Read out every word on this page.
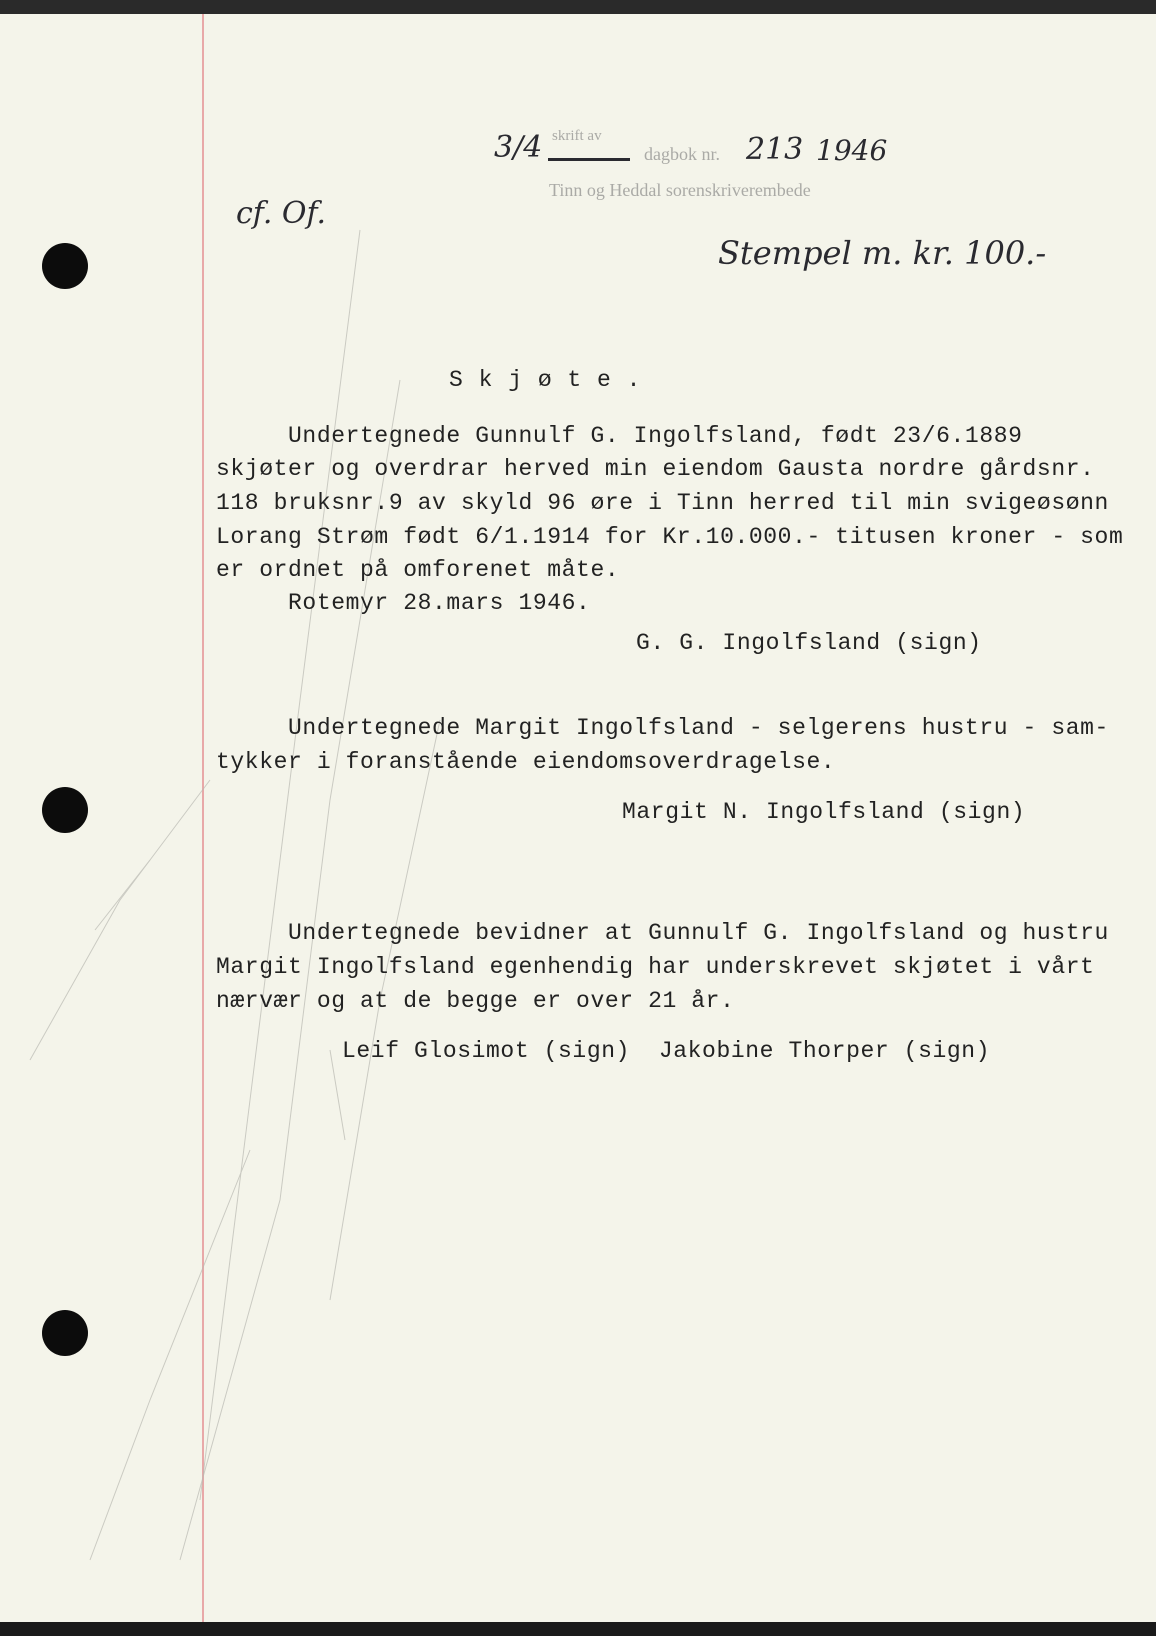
3/4 skrift av
dagbok nr. 213 1946
Tinn og Heddal sorenskriverembede
cf. Of.
Stempel m. kr. 100.-
S k j ø t e .
Undertegnede Gunnulf G. Ingolfsland, født 23/6.1889
skjøter og overdrar herved min eiendom Gausta nordre gårdsnr.
118 bruksnr.9 av skyld 96 øre i Tinn herred til min svigeøsønn
Lorang Strøm født 6/1.1914 for Kr.10.000.- titusen kroner - som
er ordnet på omforenet måte.
Rotemyr 28.mars 1946.
G. G. Ingolfsland (sign)
Undertegnede Margit Ingolfsland - selgerens hustru - sam-
tykker i foranstående eiendomsoverdragelse.
Margit N. Ingolfsland (sign)
Undertegnede bevidner at Gunnulf G. Ingolfsland og hustru
Margit Ingolfsland egenhendig har underskrevet skjøtet i vårt
nærvær og at de begge er over 21 år.
Leif Glosimot (sign)  Jakobine Thorper (sign)
